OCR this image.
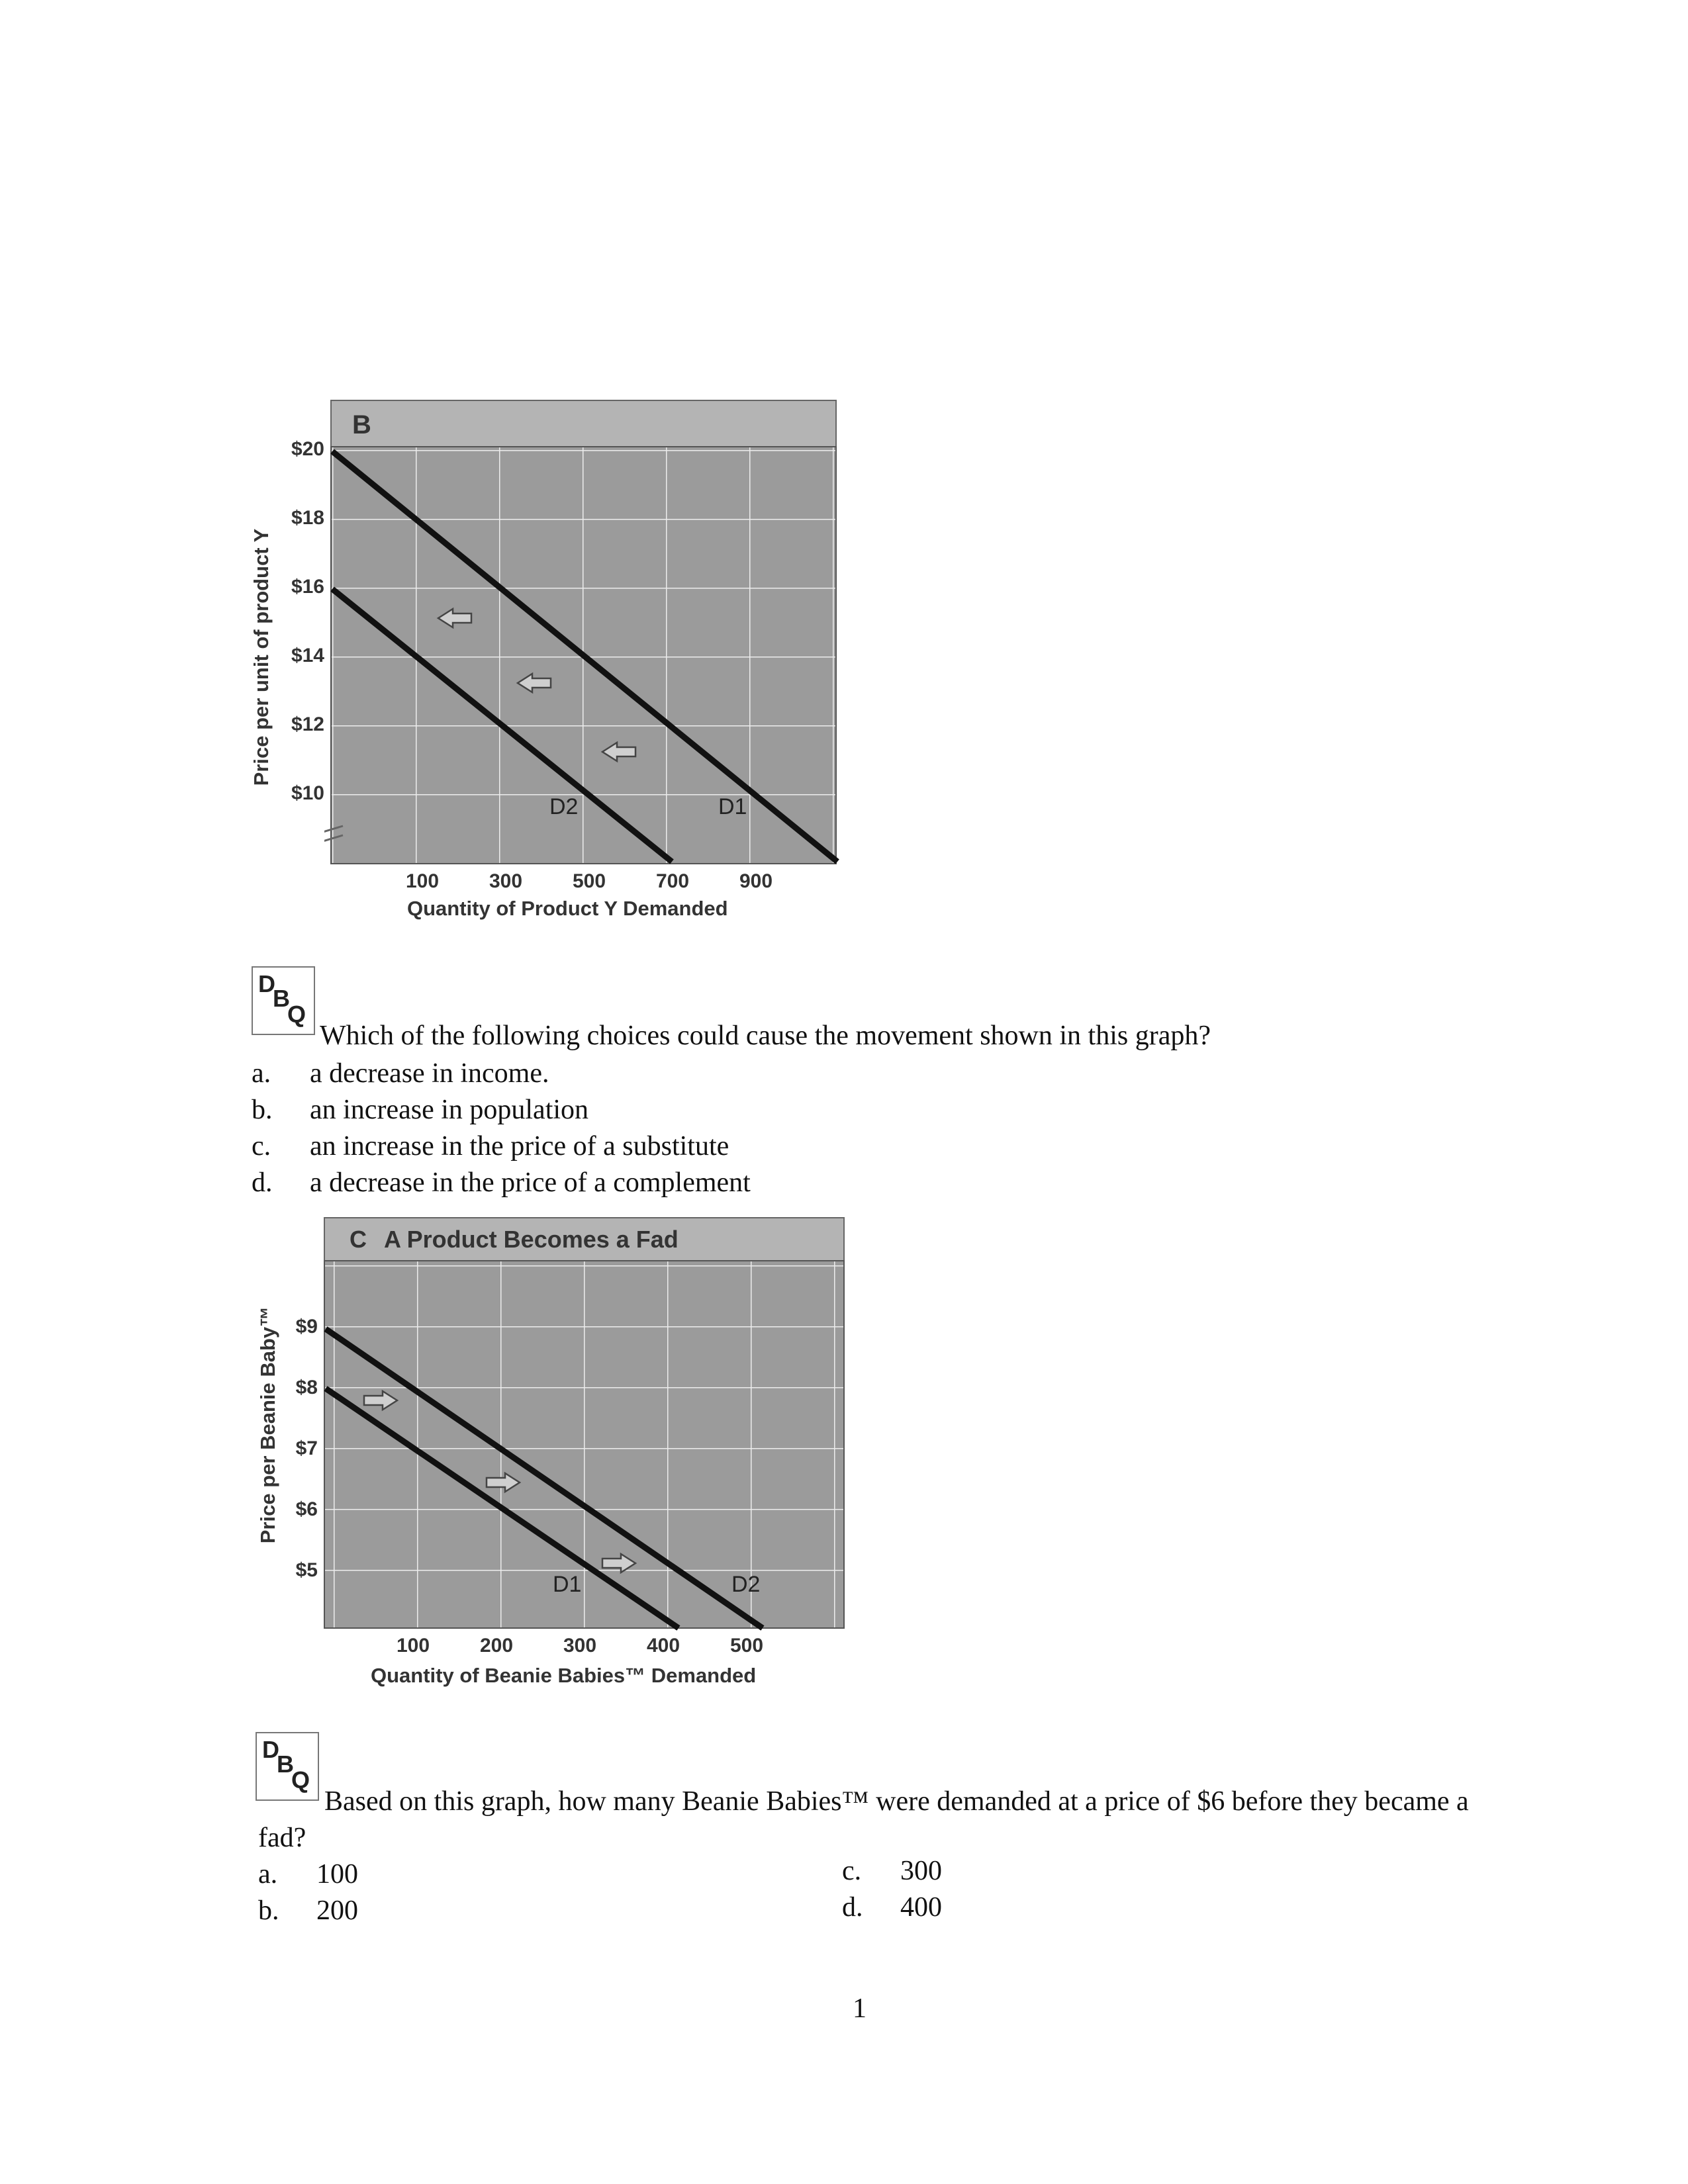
D
B
Q
Which of the following choices could cause the movement shown in this graph?
a. a decrease in income.
b. an increase in population
c. an increase in the price of a substitute
d. a decrease in the price of a complement
D
B
Q
Based on this graph, how many Beanie Babies™ were demanded at a price of $6 before they became a
fad?
a. 100
b. 200
c. 300
d. 400
1
Price per unit of product Y
$20
$18
$16
$14
$12
$10
B
D2	D1
100	300	500	700	900
Quantity of Product Y Demanded
Price per Beanie Baby™ $9
$8
$7
$6
$5
C A Product Becomes a Fad
D1	D2
100	200	300	400	500
Quantity of Beanie Babies™ Demanded
